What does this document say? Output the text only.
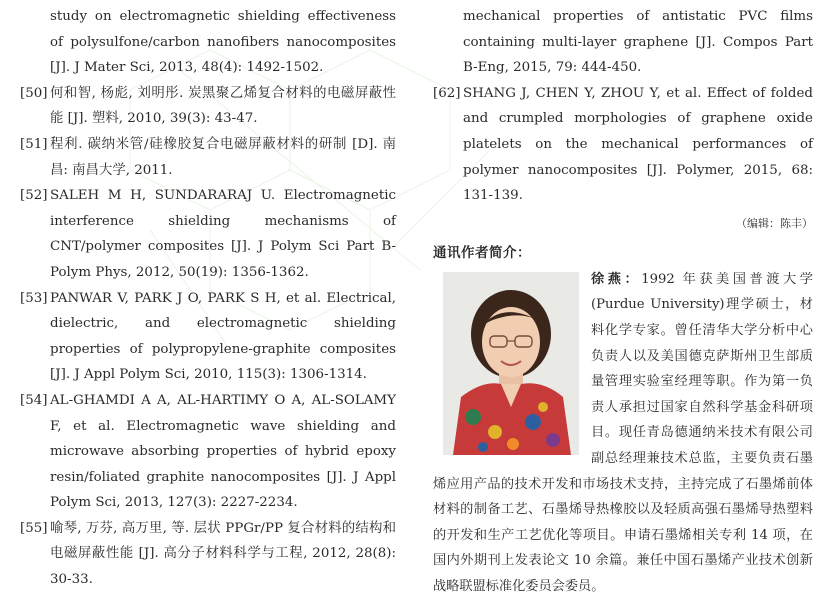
study on electromagnetic shielding effectiveness of polysulfone/carbon nanofibers nanocomposites [J]. J Mater Sci, 2013, 48(4): 1492-1502.
[50] 何和智, 杨彪, 刘明彤. 炭黑聚乙烯复合材料的电磁屏蔽性能 [J]. 塑料, 2010, 39(3): 43-47.
[51] 程利. 碳纳米管/硅橡胶复合电磁屏蔽材料的研制 [D]. 南昌: 南昌大学, 2011.
[52] SALEH M H, SUNDARARAJ U. Electromagnetic interference shielding mechanisms of CNT/polymer composites [J]. J Polym Sci Part B-Polym Phys, 2012, 50(19): 1356-1362.
[53] PANWAR V, PARK J O, PARK S H, et al. Electrical, dielectric, and electromagnetic shielding properties of polypropylene-graphite composites [J]. J Appl Polym Sci, 2010, 115(3): 1306-1314.
[54] AL-GHAMDI A A, AL-HARTIMY O A, AL-SOLAMY F, et al. Electromagnetic wave shielding and microwave absorbing properties of hybrid epoxy resin/foliated graphite nanocomposites [J]. J Appl Polym Sci, 2013, 127(3): 2227-2234.
[55] 喻琴, 万芬, 高万里, 等. 层状 PPGr/PP 复合材料的结构和电磁屏蔽性能 [J]. 高分子材料科学与工程, 2012, 28(8): 30-33.
mechanical properties of antistatic PVC films containing multi-layer graphene [J]. Compos Part B-Eng, 2015, 79: 444-450.
[62] SHANG J, CHEN Y, ZHOU Y, et al. Effect of folded and crumpled morphologies of graphene oxide platelets on the mechanical performances of polymer nanocomposites [J]. Polymer, 2015, 68: 131-139.
（编辑：陈丰）
通讯作者简介：
徐燕：1992 年获美国普渡大学(Purdue University)理学硕士，材料化学专家。曾任清华大学分析中心负责人以及美国德克萨斯州卫生部质量管理实验室经理等职。作为第一负责人承担过国家自然科学基金科研项目。现任青岛德通纳米技术有限公司副总经理兼技术总监，主要负责石墨烯应用产品的技术开发和市场技术支持，主持完成了石墨烯前体材料的制备工艺、石墨烯导热橡胶以及轻质高强石墨烯导热塑料的开发和生产工艺优化等项目。申请石墨烯相关专利 14 项，在国内外期刊上发表论文 10 余篇。兼任中国石墨烯产业技术创新战略联盟标准化委员会委员。
